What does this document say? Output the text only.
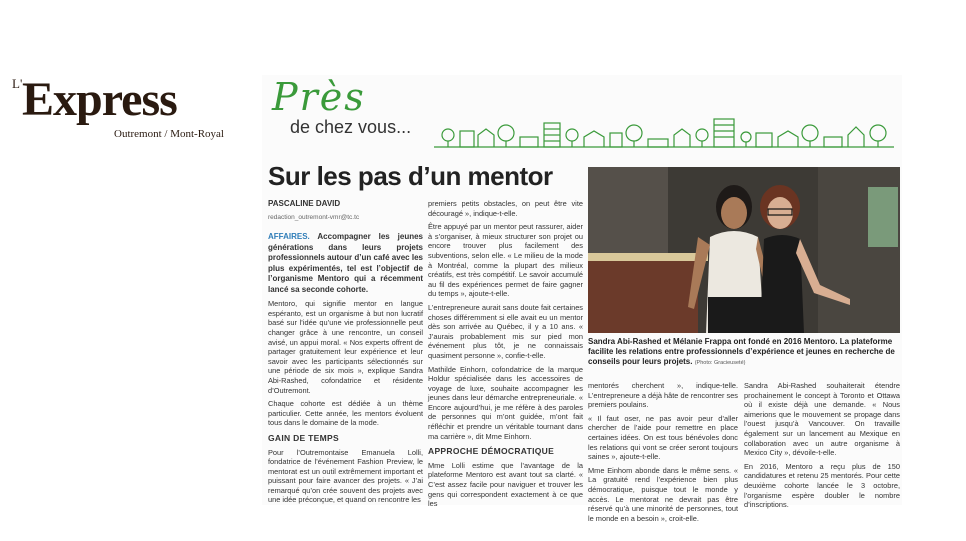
L' Express
Outremont / Mont-Royal
Près
de chez vous...
Sur les pas d’un mentor

PASCALINE DAVID

redaction_outremont-vmr@tc.tc

AFFAIRES. Accompagner les jeunes générations dans leurs projets professionnels autour d’un café avec les plus expérimentés, tel est l’objectif de l’organisme Mentoro qui a récemment lancé sa seconde cohorte.

Mentoro, qui signifie mentor en langue espéranto, est un organisme à but non lucratif basé sur l’idée qu’une vie professionnelle peut changer grâce à une rencontre, un conseil avisé, un appui moral. « Nos experts offrent de partager gratuitement leur expérience et leur savoir avec les participants sélectionnés sur une période de six mois », explique Sandra Abi-Rashed, cofondatrice et résidente d’Outremont.

Chaque cohorte est dédiée à un thème particulier. Cette année, les mentors évoluent tous dans le domaine de la mode.

GAIN DE TEMPS

Pour l’Outremontaise Emanuela Lolli, fondatrice de l’événement Fashion Preview, le mentorat est un outil extrêmement important et puissant pour faire avancer des projets. « J’ai remarqué qu’on crée souvent des projets avec une idée préconçue, et quand on rencontre les

premiers petits obstacles, on peut être vite découragé », indique-t-elle.

Être appuyé par un mentor peut rassurer, aider à s’organiser, à mieux structurer son projet ou encore trouver plus facilement des subventions, selon elle. « Le milieu de la mode à Montréal, comme la plupart des milieux créatifs, est très compétitif. Le savoir accumulé au fil des expériences permet de faire gagner du temps », ajoute-t-elle.

L’entrepreneure aurait sans doute fait certaines choses différemment si elle avait eu un mentor dès son arrivée au Québec, il y a 10 ans. « J’aurais probablement mis sur pied mon événement plus tôt, je ne connaissais quasiment personne », confie-t-elle.

Mathilde Einhorn, cofondatrice de la marque Holdur spécialisée dans les accessoires de voyage de luxe, souhaite accompagner les jeunes dans leur démarche entrepreneuriale. « Encore aujourd’hui, je me réfère à des paroles de personnes qui m’ont guidée, m’ont fait réfléchir et prendre un véritable tournant dans ma carrière », dit Mme Einhorn.

APPROCHE DÉMOCRATIQUE

Mme Lolli estime que l’avantage de la plateforme Mentoro est avant tout sa clarté. « C’est assez facile pour naviguer et trouver les gens qui correspondent exactement à ce que les

Sandra Abi-Rashed et Mélanie Frappa ont fondé en 2016 Mentoro. La plateforme facilite les relations entre professionnels d’expérience et jeunes en recherche de conseils pour leurs projets. (Photo: Gracieuseté)

mentorés cherchent », indique-telle. L’entrepreneure a déjà hâte de rencontrer ses premiers poulains.

« Il faut oser, ne pas avoir peur d’aller chercher de l’aide pour remettre en place certaines idées. On est tous bénévoles donc les relations qui vont se créer seront toujours saines », ajoute-t-elle.

Mme Einhom abonde dans le même sens. « La gratuité rend l’expérience bien plus démocratique, puisque tout le monde y accès. Le mentorat ne devrait pas être réservé qu’à une minorité de personnes, tout le monde en a besoin », croit-elle.

Sandra Abi-Rashed souhaiterait étendre prochainement le concept à Toronto et Ottawa où il existe déjà une demande. « Nous aimerions que le mouvement se propage dans l’ouest jusqu’à Vancouver. On travaille également sur un lancement au Mexique en collaboration avec un autre organisme à Mexico City », dévoile-t-elle.

En 2016, Mentoro a reçu plus de 150 candidatures et retenu 25 mentorés. Pour cette deuxième cohorte lancée le 3 octobre, l’organisme espère doubler le nombre d’inscriptions.
